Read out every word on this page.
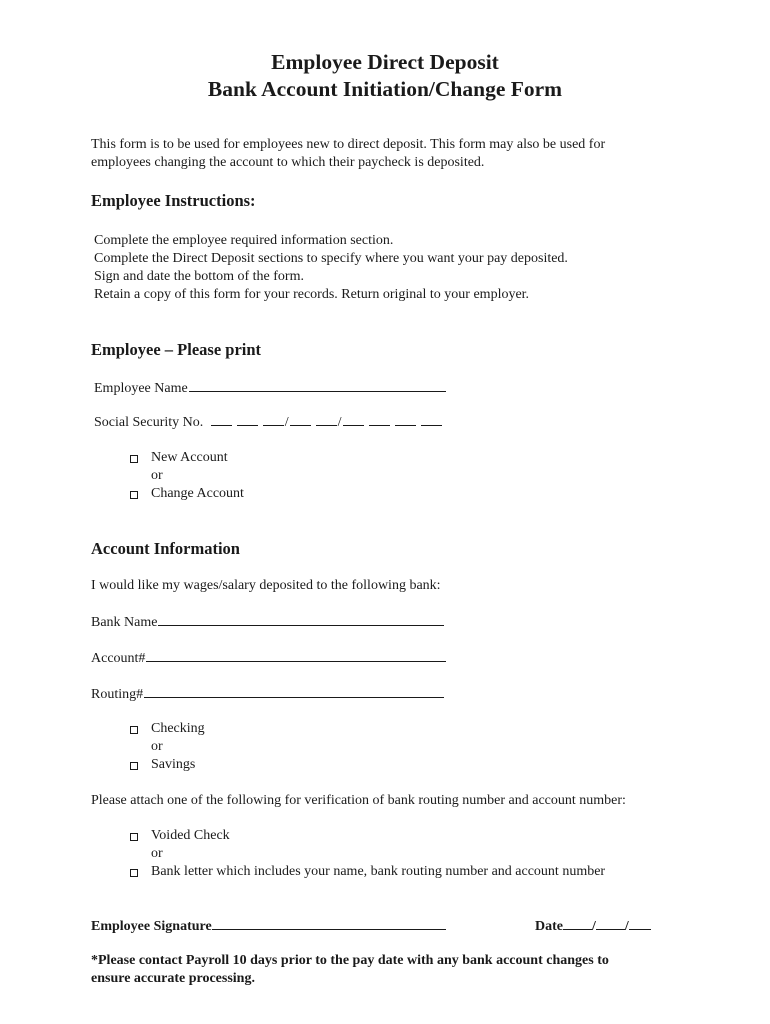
Employee Direct Deposit
Bank Account Initiation/Change Form
This form is to be used for employees new to direct deposit. This form may also be used for
employees changing the account to which their paycheck is deposited.
Employee Instructions:
Complete the employee required information section.
Complete the Direct Deposit sections to specify where you want your pay deposited.
Sign and date the bottom of the form.
Retain a copy of this form for your records. Return original to your employer.
Employee – Please print
Employee Name
Social Security No.	/	/
New Account
or
Change Account
Account Information
I would like my wages/salary deposited to the following bank:
Bank Name
Account#
Routing#
Checking
or
Savings
Please attach one of the following for verification of bank routing number and account number:
Voided Check
or
Bank letter which includes your name, bank routing number and account number
Employee Signature	Date / /
*Please contact Payroll 10 days prior to the pay date with any bank account changes to
ensure accurate processing.
